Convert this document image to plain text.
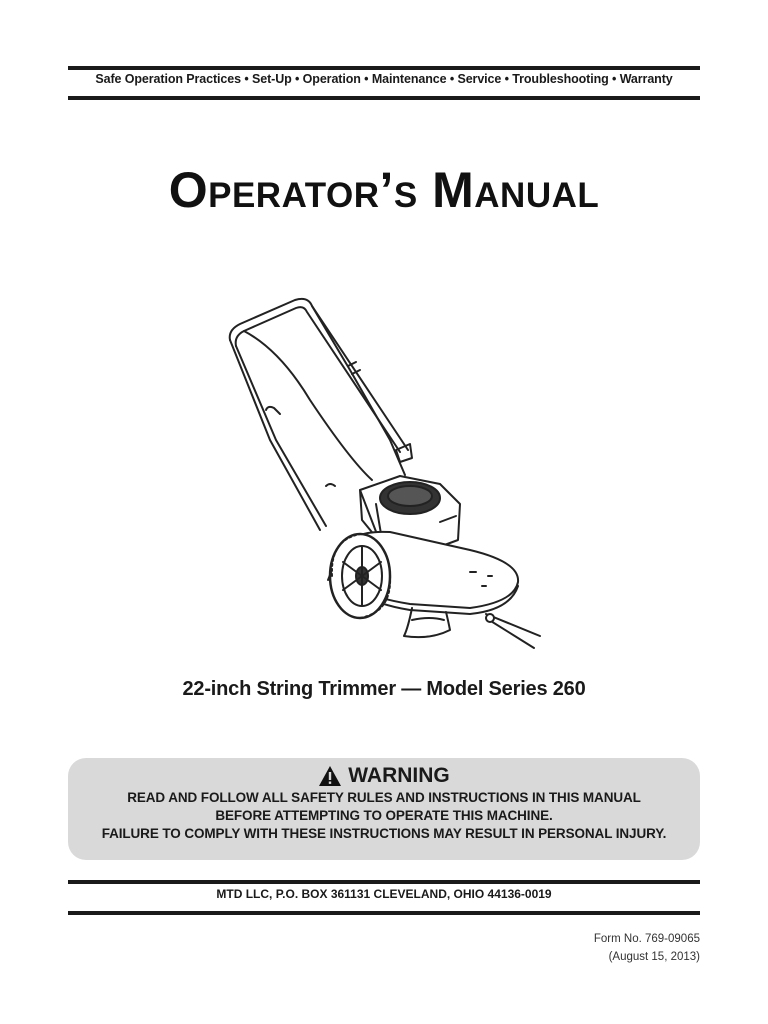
Safe Operation Practices • Set-Up • Operation • Maintenance • Service • Troubleshooting • Warranty
Operator’s Manual
22-inch String Trimmer — Model Series 260
WARNING
READ AND FOLLOW ALL SAFETY RULES AND INSTRUCTIONS IN THIS MANUAL
BEFORE ATTEMPTING TO OPERATE THIS MACHINE.
FAILURE TO COMPLY WITH THESE INSTRUCTIONS MAY RESULT IN PERSONAL INJURY.
MTD LLC, P.O. BOX 361131 CLEVELAND, OHIO 44136-0019
Form No. 769-09065
(August 15, 2013)
